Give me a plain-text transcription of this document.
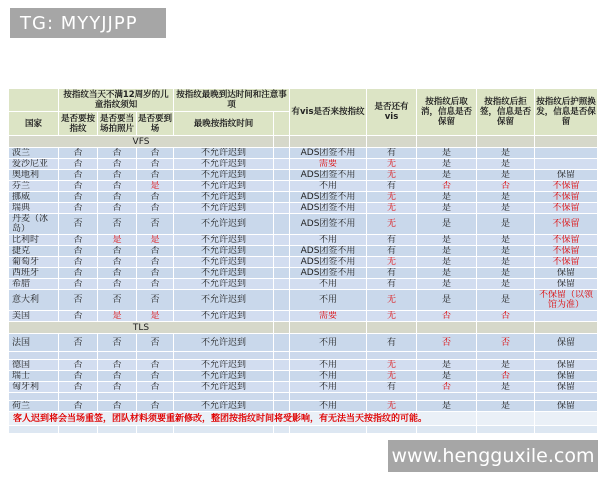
TG: MYYJJPP
	按指纹当天不满12周岁的儿童指纹须知			按指纹最晚到达时间和注意事项		有vis是否来按指纹	是否还有vis	按指纹后取消，信息是否保留	按指纹后拒签，信息是否保留	按指纹后护照换发，信息是否保留
国家	是否要按指纹	是否要当场拍照片	是否要到场	最晚按指纹时间						
VFS										
波兰	否	否	否	不允许迟到		ADS团签不用	有	是	是	
爱沙尼亚	否	否	否	不允许迟到		需要	无	是	是	
奥地利	否	否	否	不允许迟到		ADS团签不用	无	是	是	保留
芬兰	否	否	是	不允许迟到		不用	有	否	否	不保留
挪威	否	否	否	不允许迟到		ADS团签不用	无	是	是	不保留
瑞典	否	否	否	不允许迟到		ADS团签不用	无	是	是	不保留
丹麦（冰岛）	否	否	否	不允许迟到		ADS团签不用	无	是	是	不保留
比利时	否	是	是	不允许迟到		不用	有	是	是	不保留
捷克	否	否	否	不允许迟到		ADS团签不用	有	是	是	不保留
葡萄牙	否	否	否	不允许迟到		ADS团签不用	无	是	是	不保留
西班牙	否	否	否	不允许迟到		ADS团签不用	有	是	是	保留
希腊	否	否	否	不允许迟到		不用	有	是	是	保留
意大利	否	否	否	不允许迟到		不用	无	是	是	不保留（以领馆为准）
美国	否	是	是	不允许迟到		需要	无	否	否	
TLS										
法国	否	否	否	不允许迟到		不用	有	否	否	保留

德国	否	否	否	不允许迟到		不用	无	是	是	保留
瑞士	否	否	否	不允许迟到		不用	无	是	否	保留
匈牙利	否	否	否	不允许迟到		不用	有	否	是	保留

荷兰	否	否	否	不允许迟到		不用	无	是	是	保留
客人迟到将会当场重签，团队材料须要重新修改，整团按指纹时间将受影响，有无法当天按指纹的可能。										

www.hengguxile.com
